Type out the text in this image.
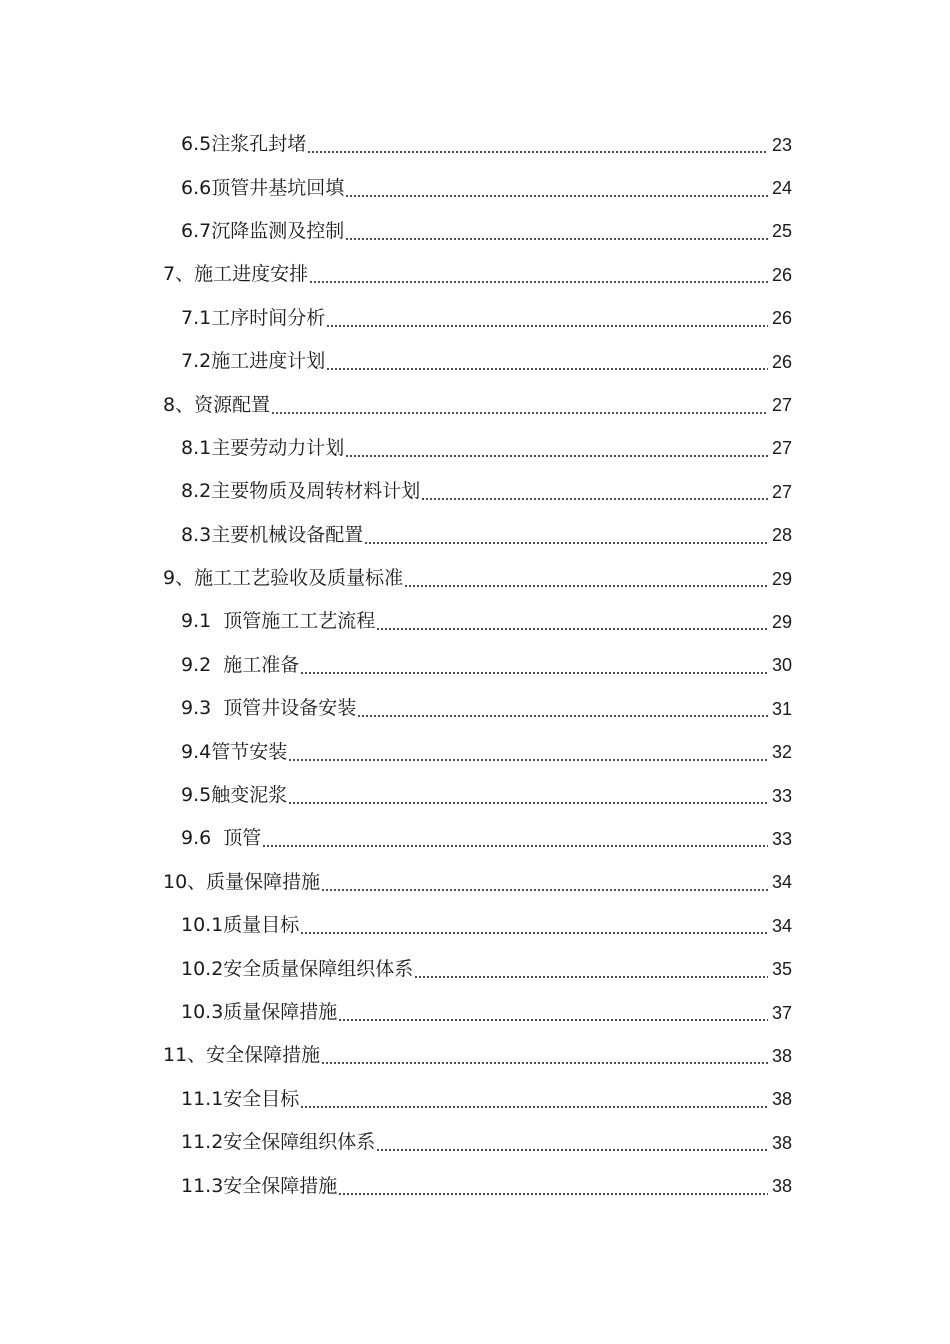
6.5注浆孔封堵	23
6.6顶管井基坑回填	24
6.7沉降监测及控制	25
7、施工进度安排	26
7.1工序时间分析	26
7.2施工进度计划	26
8、资源配置	27
8.1主要劳动力计划	27
8.2主要物质及周转材料计划	27
8.3主要机械设备配置	28
9、施工工艺验收及质量标准	29
9.1  顶管施工工艺流程	29
9.2  施工准备	30
9.3  顶管井设备安装	31
9.4管节安装	32
9.5触变泥浆	33
9.6  顶管	33
10、质量保障措施	34
10.1质量目标	34
10.2安全质量保障组织体系	35
10.3质量保障措施	37
11、安全保障措施	38
11.1安全目标	38
11.2安全保障组织体系	38
11.3安全保障措施	38
